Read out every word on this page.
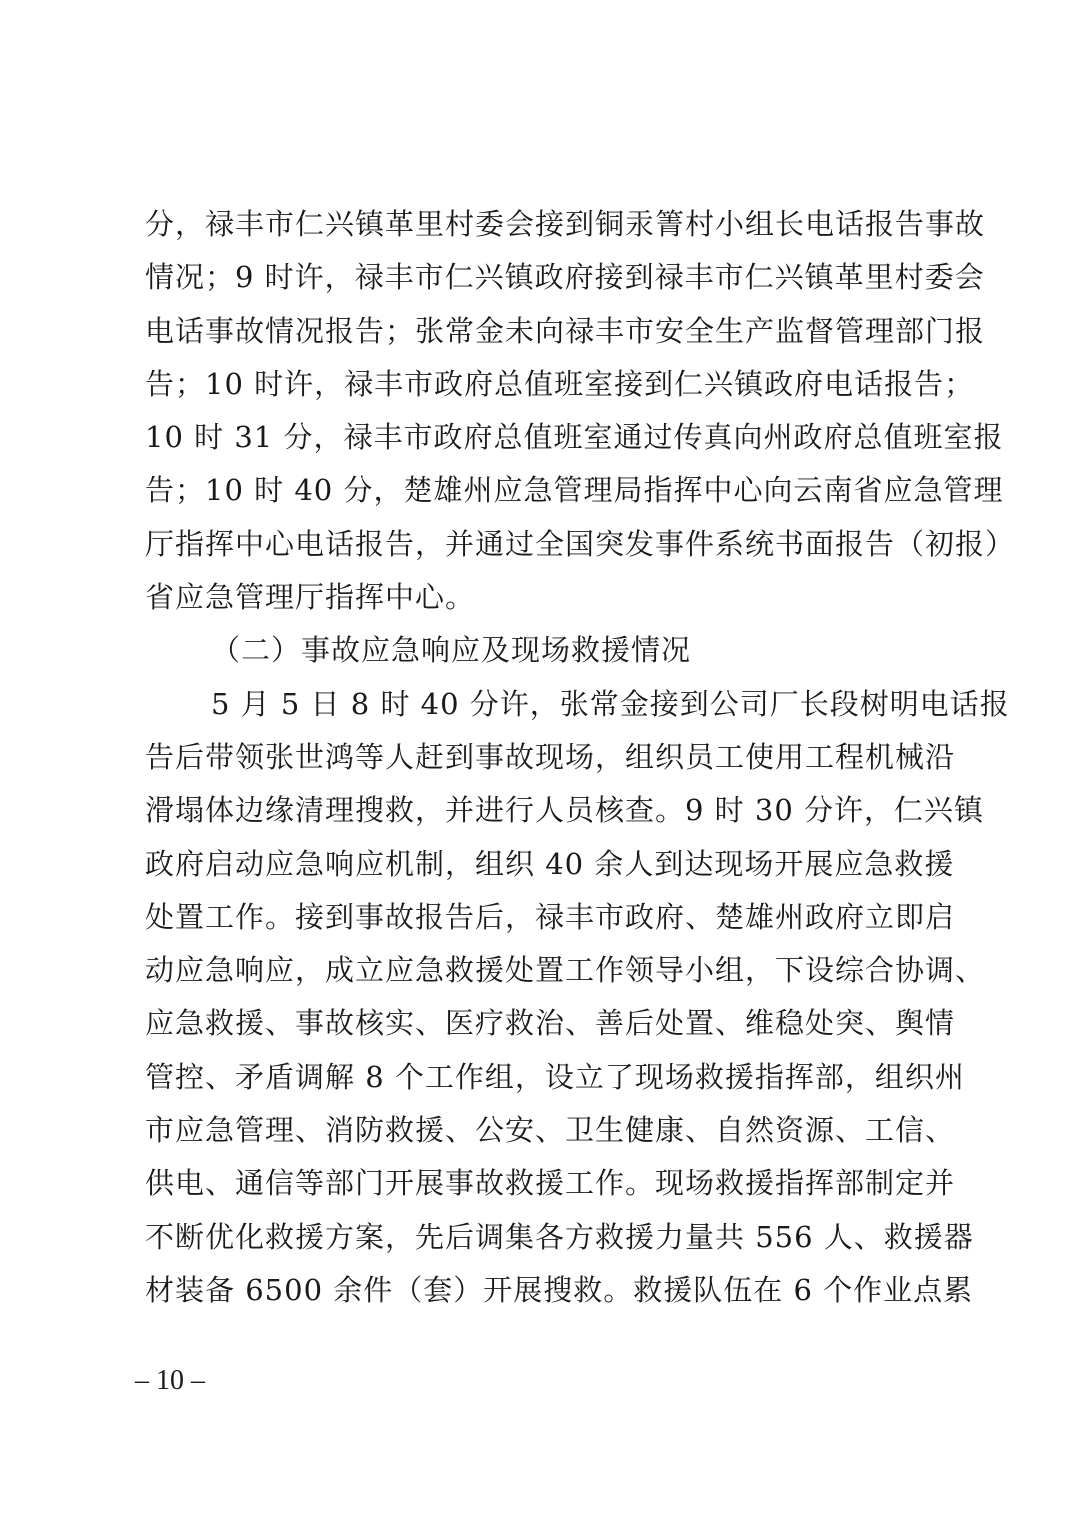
分，禄丰市仁兴镇革里村委会接到铜汞箐村小组长电话报告事故
情况；9 时许，禄丰市仁兴镇政府接到禄丰市仁兴镇革里村委会
电话事故情况报告；张常金未向禄丰市安全生产监督管理部门报
告；10 时许，禄丰市政府总值班室接到仁兴镇政府电话报告；
10 时 31 分，禄丰市政府总值班室通过传真向州政府总值班室报
告；10 时 40 分，楚雄州应急管理局指挥中心向云南省应急管理
厅指挥中心电话报告，并通过全国突发事件系统书面报告（初报）
省应急管理厅指挥中心。
（二）事故应急响应及现场救援情况
5 月 5 日 8 时 40 分许，张常金接到公司厂长段树明电话报
告后带领张世鸿等人赶到事故现场，组织员工使用工程机械沿
滑塌体边缘清理搜救，并进行人员核查。9 时 30 分许，仁兴镇
政府启动应急响应机制，组织 40 余人到达现场开展应急救援
处置工作。接到事故报告后，禄丰市政府、楚雄州政府立即启
动应急响应，成立应急救援处置工作领导小组，下设综合协调、
应急救援、事故核实、医疗救治、善后处置、维稳处突、舆情
管控、矛盾调解 8 个工作组，设立了现场救援指挥部，组织州
市应急管理、消防救援、公安、卫生健康、自然资源、工信、
供电、通信等部门开展事故救援工作。现场救援指挥部制定并
不断优化救援方案，先后调集各方救援力量共 556 人、救援器
材装备 6500 余件（套）开展搜救。救援队伍在 6 个作业点累
– 10 –
